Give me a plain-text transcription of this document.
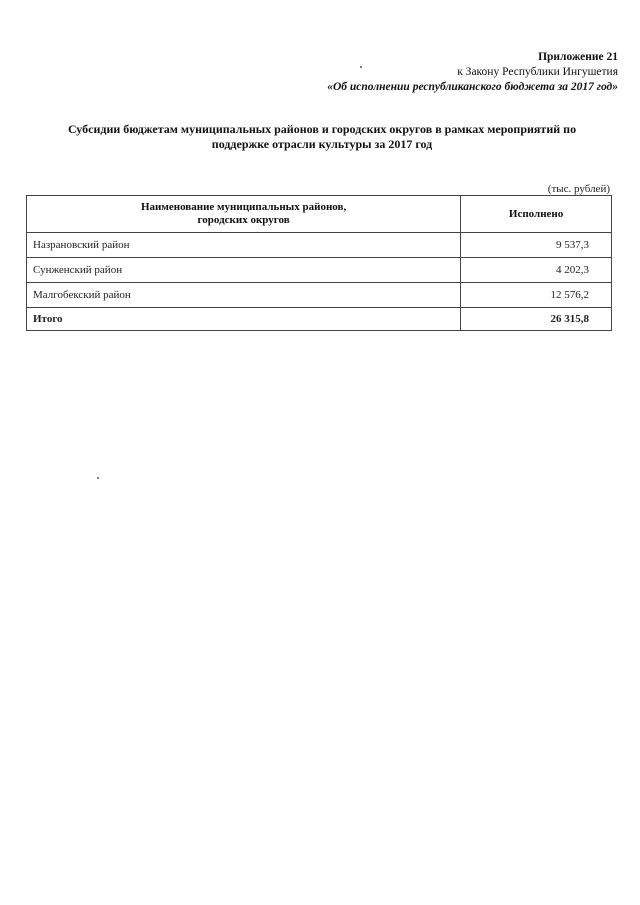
Приложение 21
к Закону Республики Ингушетия
«Об исполнении республиканского бюджета за 2017 год»
Субсидии бюджетам муниципальных районов и городских округов в рамках мероприятий по
поддержке отрасли культуры за 2017 год
(тыс. рублей)
Наименование муниципальных районов,
городских округов	Исполнено
Назрановский район	9 537,3
Сунженский район	4 202,3
Малгобекский район	12 576,2
Итого	26 315,8
